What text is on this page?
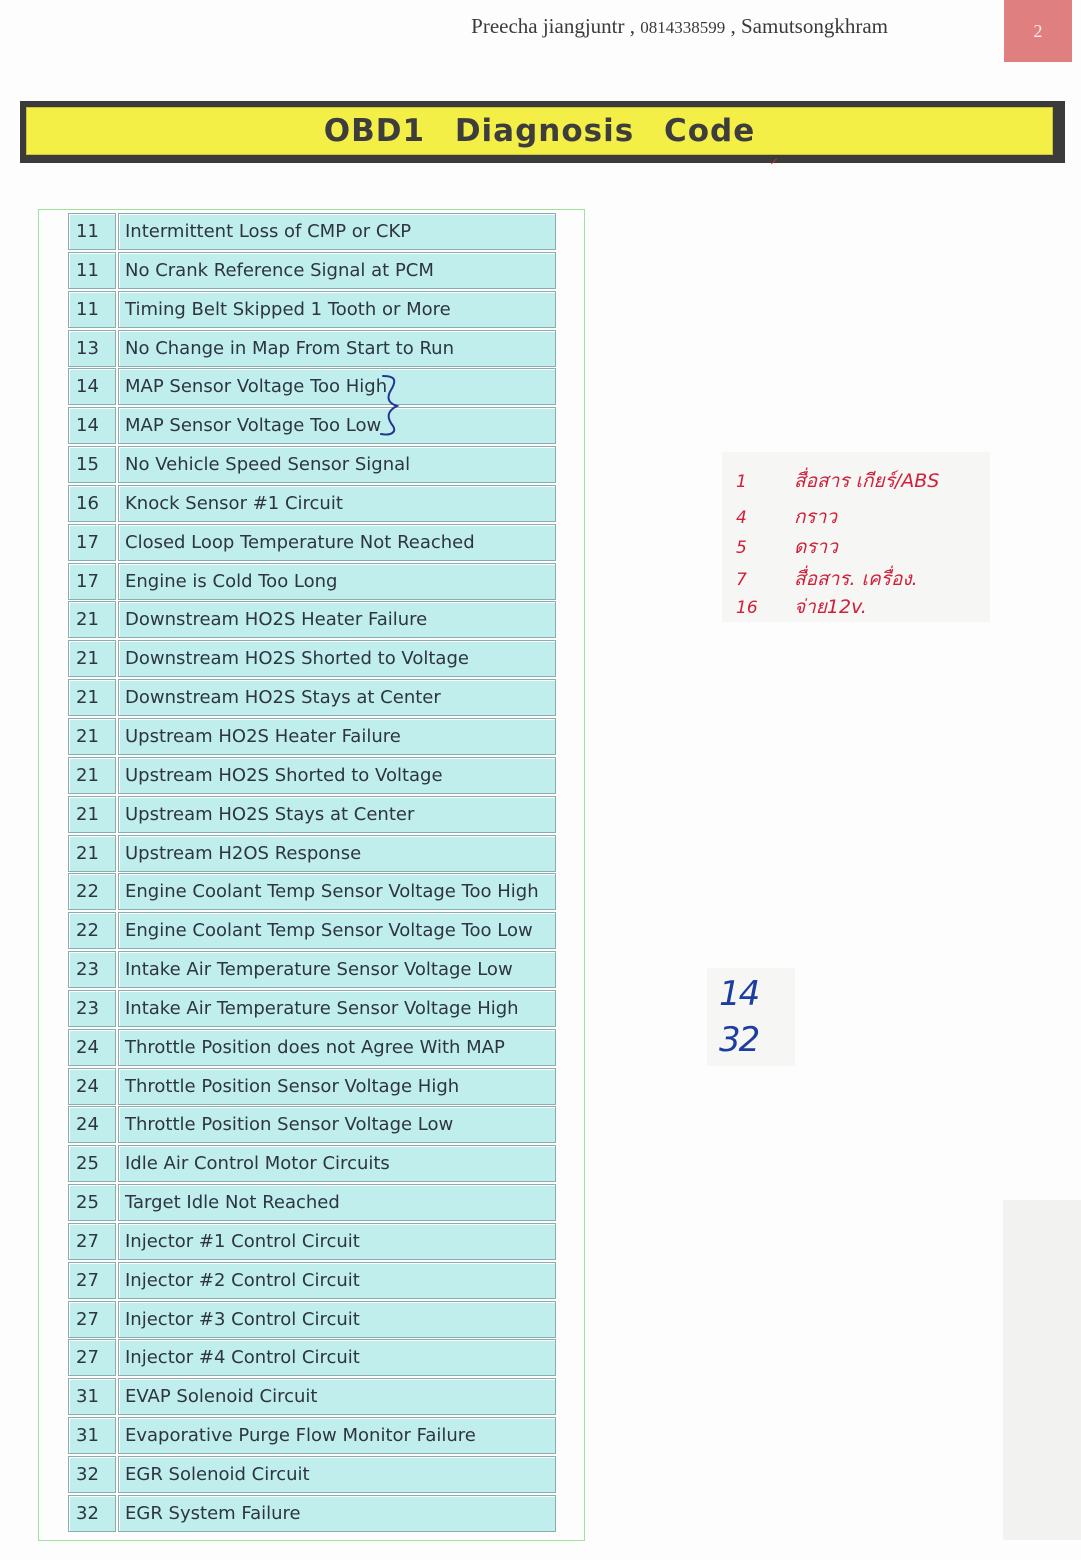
Preecha jiangjuntr , 0814338599 , Samutsongkhram	2
OBD1 Diagnosis Code
⸝
11	Intermittent Loss of CMP or CKP
11	No Crank Reference Signal at PCM
11	Timing Belt Skipped 1 Tooth or More
13	No Change in Map From Start to Run
14	MAP Sensor Voltage Too High
14	MAP Sensor Voltage Too Low
15	No Vehicle Speed Sensor Signal
16	Knock Sensor #1 Circuit
17	Closed Loop Temperature Not Reached
17	Engine is Cold Too Long
21	Downstream HO2S Heater Failure
21	Downstream HO2S Shorted to Voltage
21	Downstream HO2S Stays at Center
21	Upstream HO2S Heater Failure
21	Upstream HO2S Shorted to Voltage
21	Upstream HO2S Stays at Center
21	Upstream H2OS Response
22	Engine Coolant Temp Sensor Voltage Too High
22	Engine Coolant Temp Sensor Voltage Too Low
23	Intake Air Temperature Sensor Voltage Low
23	Intake Air Temperature Sensor Voltage High
24	Throttle Position does not Agree With MAP
24	Throttle Position Sensor Voltage High
24	Throttle Position Sensor Voltage Low
25	Idle Air Control Motor Circuits
25	Target Idle Not Reached
27	Injector #1 Control Circuit
27	Injector #2 Control Circuit
27	Injector #3 Control Circuit
27	Injector #4 Control Circuit
31	EVAP Solenoid Circuit
31	Evaporative Purge Flow Monitor Failure
32	EGR Solenoid Circuit
32	EGR System Failure
1 สื่อสาร เกียร์/ABS
4 กราว
5 ดราว
7 สื่อสาร. เครื่อง.
16 จ่าย12v.
14
32
